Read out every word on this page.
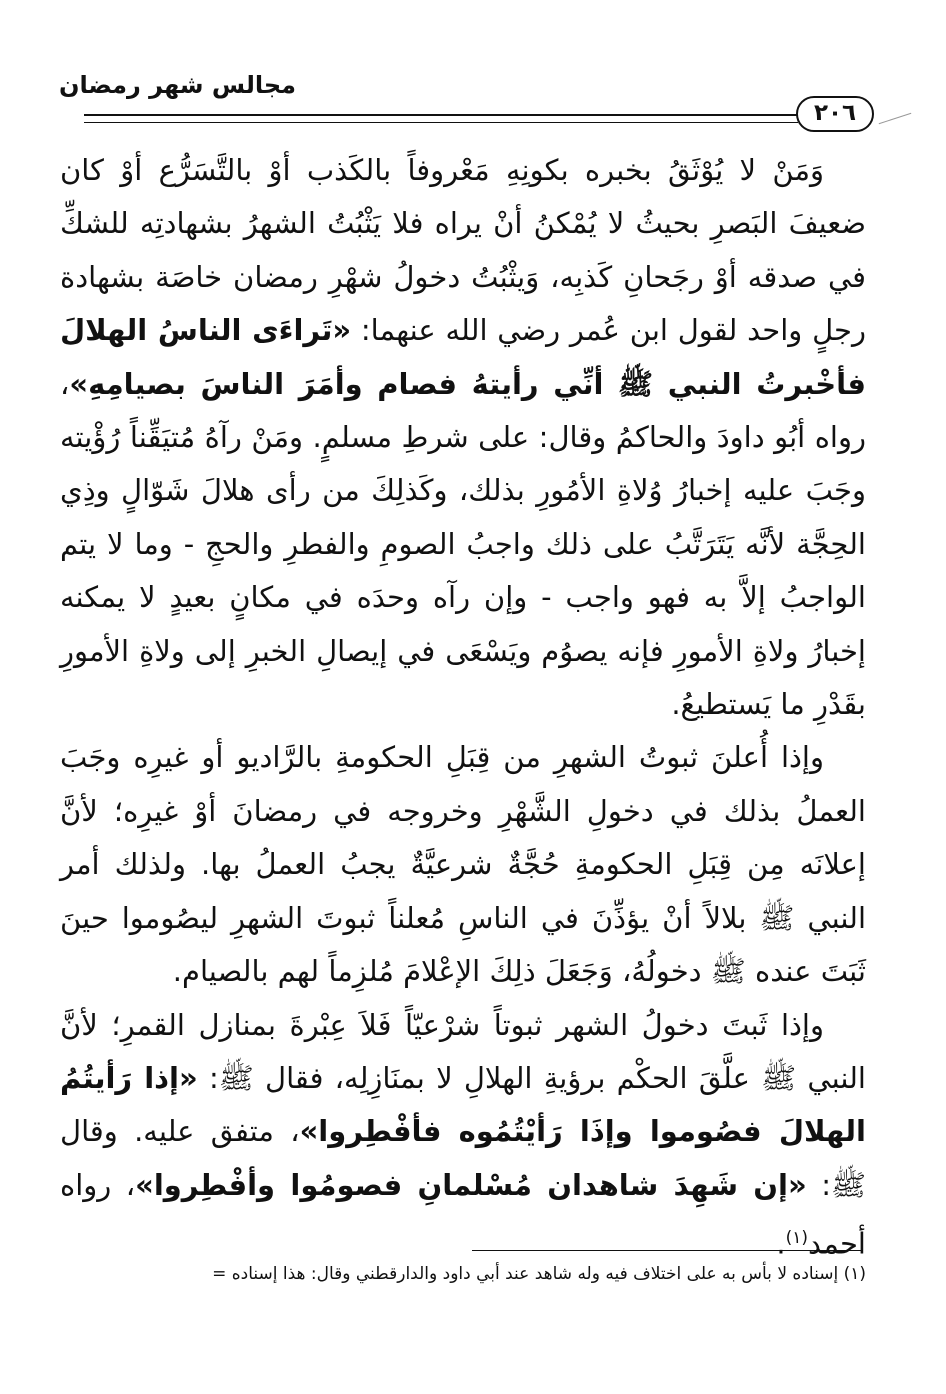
مجالس شهر رمضان
٢٠٦

وَمَنْ لا يُوْثَقُ بخبره بكونِهِ مَعْروفاً بالكَذب أوْ بالتَّسَرُّع أوْ كان ضعيفَ البَصرِ بحيثُ لا يُمْكنُ أنْ يراه فلا يَثْبُتُ الشهرُ بشهادتِه للشكِّ في صدقه أوْ رجَحانِ كَذبِه، وَيثْبُتُ دخولُ شهْرِ رمضان خاصَة بشهادة رجلٍ واحد لقول ابن عُمر رضي الله عنهما: «تَراءَى الناسُ الهلالَ فأخْبرتُ النبي ﷺ أنِّي رأيتهُ فصام وأمَرَ الناسَ بصيامِهِ»، رواه أبُو داودَ والحاكمُ وقال: على شرطِ مسلمٍ. ومَنْ رآهُ مُتيَقِّناً رُؤْيته وجَبَ عليه إخبارُ وُلاةِ الأمُورِ بذلك، وكَذلِكَ من رأى هلالَ شَوّالٍ وذِي الحِجَّة لأنَّه يَتَرَتَّبُ على ذلك واجبُ الصومِ والفطرِ والحجِ - وما لا يتم الواجبُ إلاَّ به فهو واجب - وإن رآه وحدَه في مكانٍ بعيدٍ لا يمكنه إخبارُ ولاةِ الأمورِ فإنه يصوُم ويَسْعَى في إيصالِ الخبرِ إلى ولاةِ الأمورِ بقَدْرِ ما يَستطيعُ.

وإذا أُعلنَ ثبوتُ الشهرِ من قِبَلِ الحكومةِ بالرَّاديو أو غيرِه وجَبَ العملُ بذلك في دخولِ الشَّهْرِ وخروجه في رمضانَ أوْ غيرِه؛ لأنَّ إعلانَه مِن قِبَلِ الحكومةِ حُجَّةٌ شرعيَّةٌ يجبُ العملُ بها. ولذلك أمر النبي ﷺ بلالاً أنْ يؤذِّنَ في الناسِ مُعلناً ثبوتَ الشهرِ ليصُوموا حينَ ثَبَتَ عنده ﷺ دخولُهُ، وَجَعَلَ ذلِكَ الإعْلامَ مُلزِماً لهم بالصيام.

وإذا ثَبتَ دخولُ الشهر ثبوتاً شرْعيّاً فَلاَ عِبْرةَ بمنازل القمرِ؛ لأنَّ النبي ﷺ علَّقَ الحكْم برؤيةِ الهلالِ لا بمنَازِلِه، فقال ﷺ: «إذا رَأيتُمُ الهلالَ فصُوموا وإذَا رَأيْتُمُوه فأفْطِروا»، متفق عليه. وقال ﷺ: «إن شَهِدَ شاهدان مُسْلمانِ فصومُوا وأفْطِروا»، رواه أحمد$^{(١)}$.

(١) إسناده لا بأس به على اختلاف فيه وله شاهد عند أبي داود والدارقطني وقال: هذا إسناده =
